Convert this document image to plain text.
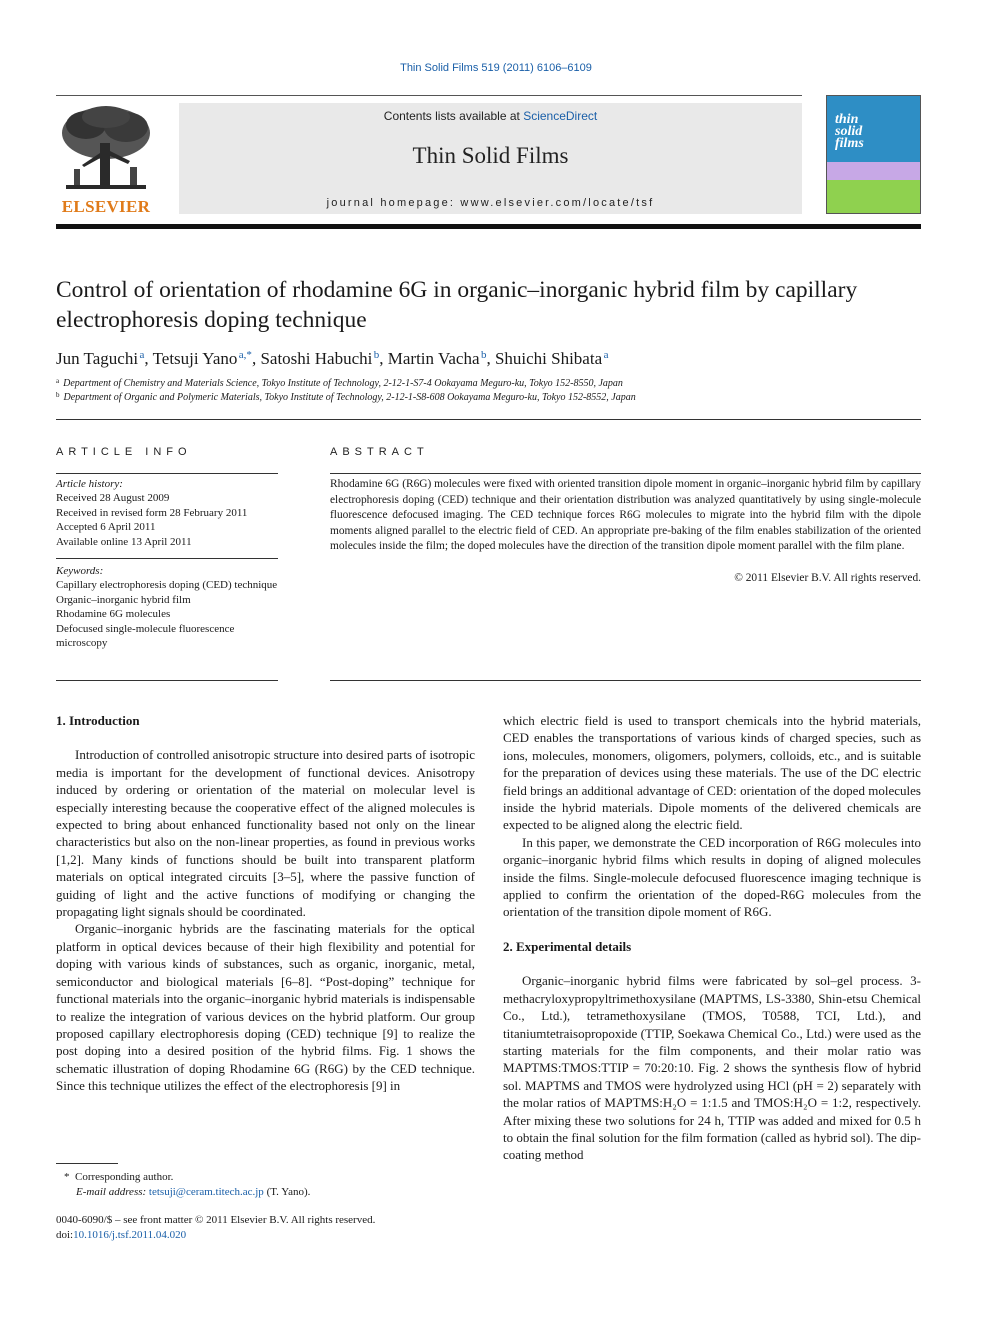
Thin Solid Films 519 (2011) 6106–6109
ELSEVIER
Contents lists available at ScienceDirect
Thin Solid Films
journal homepage: www.elsevier.com/locate/tsf
thin
solid
films
Control of orientation of rhodamine 6G in organic–inorganic hybrid film by capillary electrophoresis doping technique
Jun Taguchi $^a$, Tetsuji Yano $^{a,*}$, Satoshi Habuchi $^b$, Martin Vacha $^b$, Shuichi Shibata $^a$
$^a$ Department of Chemistry and Materials Science, Tokyo Institute of Technology, 2-12-1-S7-4 Ookayama Meguro-ku, Tokyo 152-8550, Japan
$^b$ Department of Organic and Polymeric Materials, Tokyo Institute of Technology, 2-12-1-S8-608 Ookayama Meguro-ku, Tokyo 152-8552, Japan
ARTICLE INFO
Article history:
Received 28 August 2009
Received in revised form 28 February 2011
Accepted 6 April 2011
Available online 13 April 2011
Keywords:
Capillary electrophoresis doping (CED) technique
Organic–inorganic hybrid film
Rhodamine 6G molecules
Defocused single-molecule fluorescence microscopy
ABSTRACT
Rhodamine 6G (R6G) molecules were fixed with oriented transition dipole moment in organic–inorganic hybrid film by capillary electrophoresis doping (CED) technique and their orientation distribution was analyzed quantitatively by using single-molecule fluorescence defocused imaging. The CED technique forces R6G molecules to migrate into the hybrid film with the dipole moments aligned parallel to the electric field of CED. An appropriate pre-baking of the film enables stabilization of the oriented molecules inside the film; the doped molecules have the direction of the transition dipole moment parallel with the film plane.
© 2011 Elsevier B.V. All rights reserved.

1. Introduction

Introduction of controlled anisotropic structure into desired parts of isotropic media is important for the development of functional devices. Anisotropy induced by ordering or orientation of the material on molecular level is especially interesting because the cooperative effect of the aligned molecules is expected to bring about enhanced functionality based not only on the linear characteristics but also on the non-linear properties, as found in previous works [1,2]. Many kinds of functions should be built into transparent platform materials on optical integrated circuits [3–5], where the passive function of guiding of light and the active functions of modifying or changing the propagating light signals should be coordinated.

Organic–inorganic hybrids are the fascinating materials for the optical platform in optical devices because of their high flexibility and potential for doping with various kinds of substances, such as organic, inorganic, metal, semiconductor and biological materials [6–8]. “Post-doping” technique for functional materials into the organic–inorganic hybrid materials is indispensable to realize the integration of various devices on the hybrid platform. Our group proposed capillary electrophoresis doping (CED) technique [9] to realize the post doping into a desired position of the hybrid films. Fig. 1 shows the schematic illustration of doping Rhodamine 6G (R6G) by the CED technique. Since this technique utilizes the effect of the electrophoresis [9] in

which electric field is used to transport chemicals into the hybrid materials, CED enables the transportations of various kinds of charged species, such as ions, molecules, monomers, oligomers, polymers, colloids, etc., and is suitable for the preparation of devices using these materials. The use of the DC electric field brings an additional advantage of CED: orientation of the doped molecules inside the hybrid materials. Dipole moments of the delivered chemicals are expected to be aligned along the electric field.

In this paper, we demonstrate the CED incorporation of R6G molecules into organic–inorganic hybrid films which results in doping of aligned molecules inside the films. Single-molecule defocused fluorescence imaging technique is applied to confirm the orientation of the doped-R6G molecules from the orientation of the transition dipole moment of R6G.

2. Experimental details

Organic–inorganic hybrid films were fabricated by sol–gel process. 3-methacryloxypropyltrimethoxysilane (MAPTMS, LS-3380, Shin-etsu Chemical Co., Ltd.), tetramethoxysilane (TMOS, T0588, TCI, Ltd.), and titaniumtetraisopropoxide (TTIP, Soekawa Chemical Co., Ltd.) were used as the starting materials for the film components, and their molar ratio was MAPTMS:TMOS:TTIP = 70:20:10. Fig. 2 shows the synthesis flow of hybrid sol. MAPTMS and TMOS were hydrolyzed using HCl (pH = 2) separately with the molar ratios of MAPTMS:H₂O = 1:1.5 and TMOS:H₂O = 1:2, respectively. After mixing these two solutions for 24 h, TTIP was added and mixed for 0.5 h to obtain the final solution for the film formation (called as hybrid sol). The dip-coating method

* Corresponding author.
E-mail address: tetsuji@ceram.titech.ac.jp (T. Yano).
0040-6090/$ – see front matter © 2011 Elsevier B.V. All rights reserved.
doi:10.1016/j.tsf.2011.04.020
